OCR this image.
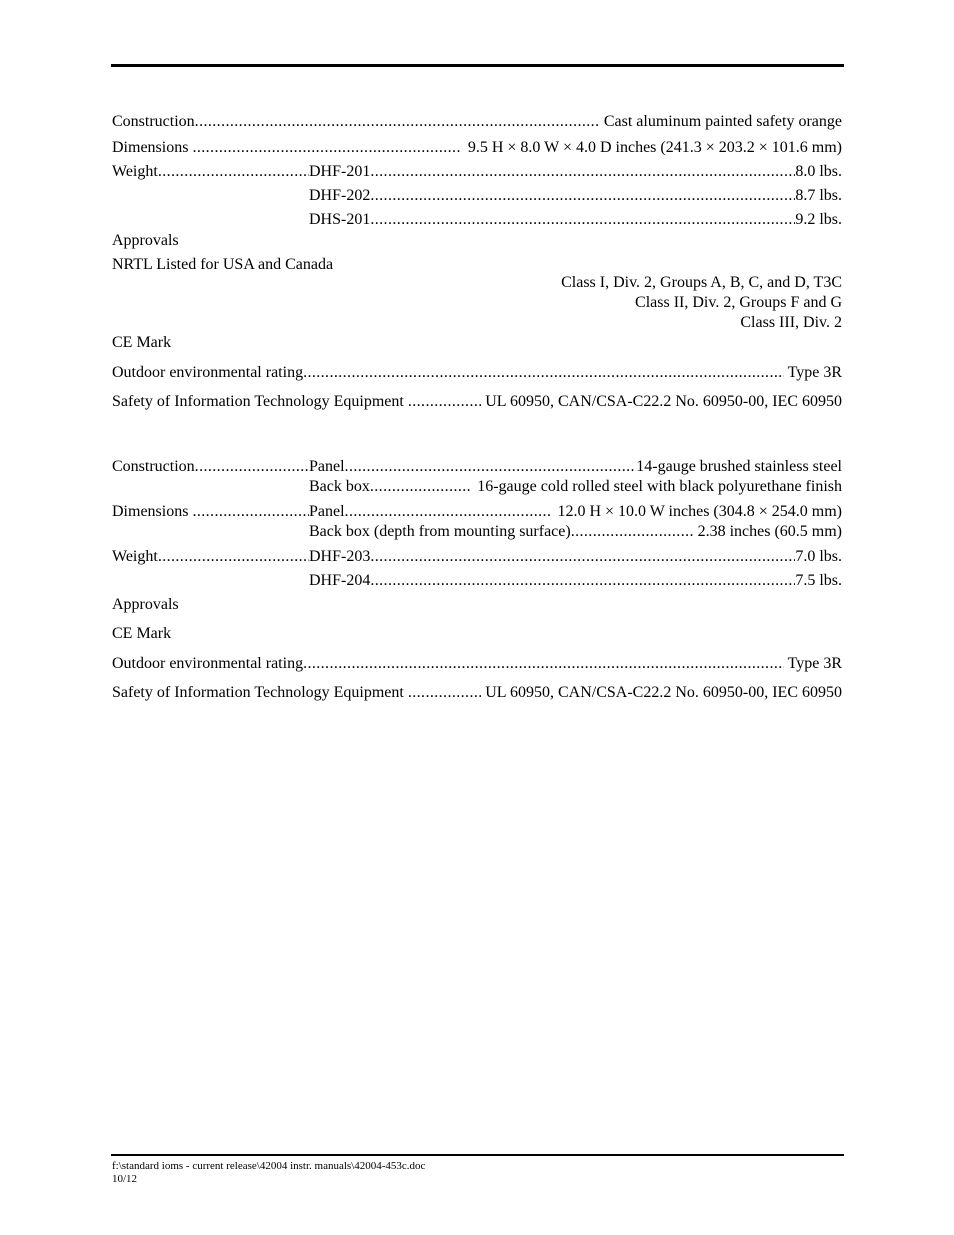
Construction .....	Cast aluminum painted safety orange
Dimensions .....	9.5 H × 8.0 W × 4.0 D inches (241.3 × 203.2 × 101.6 mm)
Weight .....	DHF-201 .....	8.0 lbs.
DHF-202 .....	8.7 lbs.
DHS-201 .....	9.2 lbs.
Approvals
NRTL Listed for USA and Canada
Class I, Div. 2, Groups A, B, C, and D, T3C
Class II, Div. 2, Groups F and G
Class III, Div. 2
CE Mark
Outdoor environmental rating .....	Type 3R
Safety of Information Technology Equipment .....	UL 60950, CAN/CSA-C22.2 No. 60950-00, IEC 60950
Construction .....	Panel .....	14-gauge brushed stainless steel
Back box .....	16-gauge cold rolled steel with black polyurethane finish
Dimensions .....	Panel .....	12.0 H × 10.0 W inches (304.8 × 254.0 mm)
Back box (depth from mounting surface) .....	2.38 inches (60.5 mm)
Weight .....	DHF-203 .....	7.0 lbs.
DHF-204 .....	7.5 lbs.
Approvals
CE Mark
Outdoor environmental rating .....	Type 3R
Safety of Information Technology Equipment .....	UL 60950, CAN/CSA-C22.2 No. 60950-00, IEC 60950
f:\standard ioms - current release\42004 instr. manuals\42004-453c.doc
10/12
